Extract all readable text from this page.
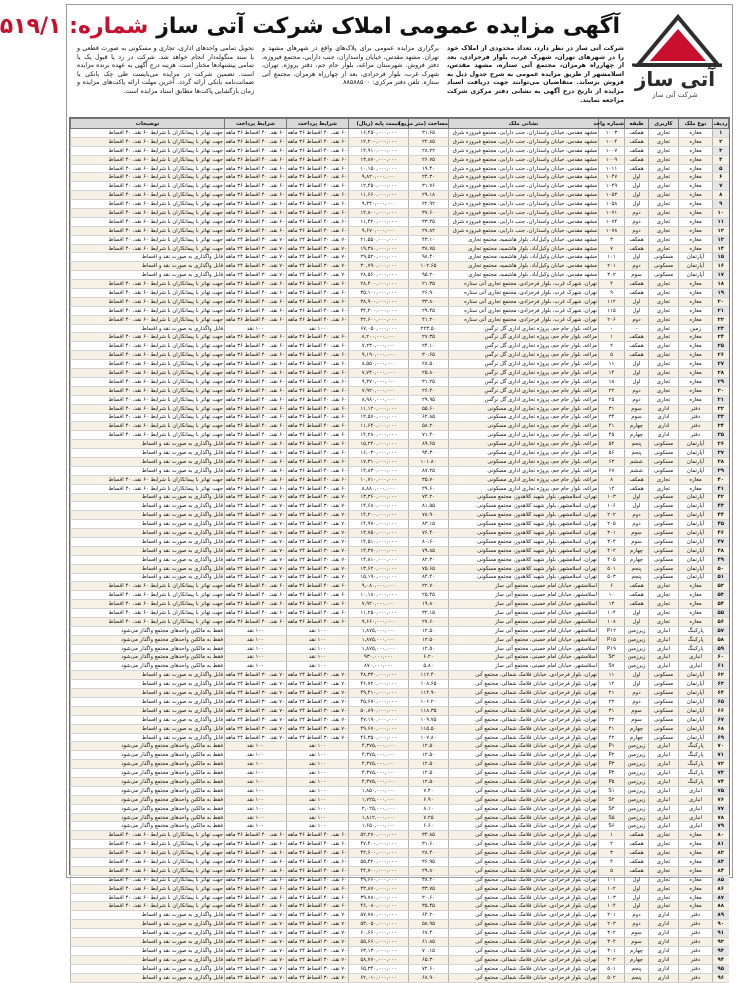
آتی ساز
شرکت آتی ساز
آگهی مزایده عمومی املاک شرکت آتی ساز
شماره: ۵۱۹/۱
شرکت آتی ساز در نظر دارد، تعداد محدودی از املاک خود را در شهرهای تهران، شهرک غرب، بلوار فرحزادی، بعد از چهارراه هرمزان، مجتمع آتی ستاره، مشهد مقدس، اسلامشهر از طریق مزایده عمومی به شرح جدول ذیل به فروش برساند. متقاضیان می‌توانند جهت دریافت اسناد مزایده از تاریخ درج آگهی به نشانی دفتر مرکزی شرکت مراجعه نمایند.
برگزاری مزایده عمومی برای پلاک‌های واقع در شهرهای مشهد و تهران. مشهد مقدس، خیابان واسداران، جنب دارایی، مجتمع فیروزه، دفتر فروش. شهرستان مراغه، بلوار جام جم، دفتر پروژه. تهران، شهرک غرب، بلوار فرحزادی، بعد از چهارراه هرمزان، مجتمع آتی ستاره. تلفن دفتر مرکزی: ۸۸۵۸۸۵۰۰
تحویل تمامی واحدهای اداری، تجاری و مسکونی به صورت قطعی و با سند منگوله‌دار انجام خواهد شد. شرکت در رد یا قبول یک یا تمامی پیشنهادها مختار است. هزینه درج آگهی به عهده برنده مزایده است. تضمین شرکت در مزایده می‌بایست طی چک بانکی یا ضمانت‌نامه بانکی ارائه گردد. آخرین مهلت ارائه پاکت‌های مزایده و زمان بازگشایی پاکت‌ها مطابق اسناد مزایده است.
ردیف	نوع ملک	کاربری	طبقه	شماره واحد	نشانی ملک	مساحت (متر مربع)	قیمت پایه (ریال)	شرایط پرداخت	شرایط پرداخت	توضیحات
۱	مغازه	تجاری	همکف	۱۰۰۳	مشهد مقدس، خیابان واسداران، جنب دارایی، مجتمع فیروزه شرق	۳۱.۶۵	۱۶,۴۵۰,۰۰۰,۰۰۰	۶۰ نقد، ۴۰ اقساط ۳۶ ماهه	۶۰ نقد، ۴۰ اقساط ۳۶ ماهه	جهت تهاتر با پیمانکاران با شرایط ۶۰ نقد، ۴۰ اقساط
۲	مغازه	تجاری	همکف	۱۰۰۴	مشهد مقدس، خیابان واسداران، جنب دارایی، مجتمع فیروزه شرق	۲۲.۸۵	۱۲,۲۰۰,۰۰۰,۰۰۰	۶۰ نقد، ۴۰ اقساط ۳۶ ماهه	۶۰ نقد، ۴۰ اقساط ۳۶ ماهه	جهت تهاتر با پیمانکاران با شرایط ۶۰ نقد، ۴۰ اقساط
۳	مغازه	تجاری	همکف	۱۰۰۷	مشهد مقدس، خیابان واسداران، جنب دارایی، مجتمع فیروزه شرق	۲۸.۲۲	۱۴,۹۱۰,۰۰۰,۰۰۰	۶۰ نقد، ۴۰ اقساط ۳۶ ماهه	۶۰ نقد، ۴۰ اقساط ۳۶ ماهه	جهت تهاتر با پیمانکاران با شرایط ۶۰ نقد، ۴۰ اقساط
۴	مغازه	تجاری	همکف	۱۰۰۹	مشهد مقدس، خیابان واسداران، جنب دارایی، مجتمع فیروزه شرق	۲۶.۷۵	۱۳,۸۷۰,۰۰۰,۰۰۰	۶۰ نقد، ۴۰ اقساط ۳۶ ماهه	۶۰ نقد، ۴۰ اقساط ۳۶ ماهه	جهت تهاتر با پیمانکاران با شرایط ۶۰ نقد، ۴۰ اقساط
۵	مغازه	تجاری	همکف	۱۰۱۱	مشهد مقدس، خیابان واسداران، جنب دارایی، مجتمع فیروزه شرق	۱۹.۴۰	۱۰,۱۵۰,۰۰۰,۰۰۰	۶۰ نقد، ۴۰ اقساط ۳۶ ماهه	۶۰ نقد، ۴۰ اقساط ۳۶ ماهه	جهت تهاتر با پیمانکاران با شرایط ۶۰ نقد، ۴۰ اقساط
۶	مغازه	تجاری	اول	۱۰۴۷	مشهد مقدس، خیابان واسداران، جنب دارایی، مجتمع فیروزه شرق	۲۴.۳۰	۹,۸۲۰,۰۰۰,۰۰۰	۶۰ نقد، ۴۰ اقساط ۳۶ ماهه	۶۰ نقد، ۴۰ اقساط ۳۶ ماهه	جهت تهاتر با پیمانکاران با شرایط ۶۰ نقد، ۴۰ اقساط
۷	مغازه	تجاری	اول	۱۰۴۹	مشهد مقدس، خیابان واسداران، جنب دارایی، مجتمع فیروزه شرق	۳۱.۷۶	۱۲,۴۵۰,۰۰۰,۰۰۰	۶۰ نقد، ۴۰ اقساط ۳۶ ماهه	۶۰ نقد، ۴۰ اقساط ۳۶ ماهه	جهت تهاتر با پیمانکاران با شرایط ۶۰ نقد، ۴۰ اقساط
۸	مغازه	تجاری	اول	۱۰۵۳	مشهد مقدس، خیابان واسداران، جنب دارایی، مجتمع فیروزه شرق	۲۹.۱۸	۱۱,۶۶۰,۰۰۰,۰۰۰	۶۰ نقد، ۴۰ اقساط ۳۶ ماهه	۶۰ نقد، ۴۰ اقساط ۳۶ ماهه	جهت تهاتر با پیمانکاران با شرایط ۶۰ نقد، ۴۰ اقساط
۹	مغازه	تجاری	اول	۱۰۵۸	مشهد مقدس، خیابان واسداران، جنب دارایی، مجتمع فیروزه شرق	۲۲.۹۲	۹,۳۴۰,۰۰۰,۰۰۰	۶۰ نقد، ۴۰ اقساط ۳۶ ماهه	۶۰ نقد، ۴۰ اقساط ۳۶ ماهه	جهت تهاتر با پیمانکاران با شرایط ۶۰ نقد، ۴۰ اقساط
۱۰	مغازه	تجاری	دوم	۱۰۷۱	مشهد مقدس، خیابان واسداران، جنب دارایی، مجتمع فیروزه شرق	۳۷.۶۰	۱۲,۸۰۰,۰۰۰,۰۰۰	۶۰ نقد، ۴۰ اقساط ۳۶ ماهه	۶۰ نقد، ۴۰ اقساط ۳۶ ماهه	جهت تهاتر با پیمانکاران با شرایط ۶۰ نقد، ۴۰ اقساط
۱۱	مغازه	تجاری	دوم	۱۰۷۴	مشهد مقدس، خیابان واسداران، جنب دارایی، مجتمع فیروزه شرق	۳۳.۴۵	۱۱,۴۲۰,۰۰۰,۰۰۰	۶۰ نقد، ۴۰ اقساط ۳۶ ماهه	۶۰ نقد، ۴۰ اقساط ۳۶ ماهه	جهت تهاتر با پیمانکاران با شرایط ۶۰ نقد، ۴۰ اقساط
۱۲	مغازه	تجاری	دوم	۱۰۷۸	مشهد مقدس، خیابان واسداران، جنب دارایی، مجتمع فیروزه شرق	۲۷.۸۲	۹,۶۷۰,۰۰۰,۰۰۰	۶۰ نقد، ۴۰ اقساط ۳۶ ماهه	۶۰ نقد، ۴۰ اقساط ۳۶ ماهه	جهت تهاتر با پیمانکاران با شرایط ۶۰ نقد، ۴۰ اقساط
۱۳	مغازه	تجاری	همکف	۳	مشهد مقدس، خیابان وکیل‌آباد، بلوار هاشمیه، مجتمع تجاری	۴۳.۱۰	۲۱,۵۵۰,۰۰۰,۰۰۰	۷۰ نقد، ۳۰ اقساط ۲۴ ماهه	۷۰ نقد، ۳۰ اقساط ۲۴ ماهه	جهت تهاتر با پیمانکاران با شرایط ۶۰ نقد، ۴۰ اقساط
۱۴	مغازه	تجاری	همکف	۷	مشهد مقدس، خیابان وکیل‌آباد، بلوار هاشمیه، مجتمع تجاری	۳۸.۷۵	۱۹,۳۸۰,۰۰۰,۰۰۰	۷۰ نقد، ۳۰ اقساط ۲۴ ماهه	۷۰ نقد، ۳۰ اقساط ۲۴ ماهه	جهت تهاتر با پیمانکاران با شرایط ۶۰ نقد، ۴۰ اقساط
۱۵	آپارتمان	مسکونی	اول	۱۰۱	مشهد مقدس، خیابان وکیل‌آباد، بلوار هاشمیه، مجتمع تجاری	۹۸.۴۰	۲۹,۵۲۰,۰۰۰,۰۰۰	۷۰ نقد، ۳۰ اقساط ۲۴ ماهه	۷۰ نقد، ۳۰ اقساط ۲۴ ماهه	قابل واگذاری به صورت نقد و اقساط
۱۶	آپارتمان	مسکونی	دوم	۲۰۱	مشهد مقدس، خیابان وکیل‌آباد، بلوار هاشمیه، مجتمع تجاری	۱۰۲.۶۵	۳۰,۷۹۰,۰۰۰,۰۰۰	۷۰ نقد، ۳۰ اقساط ۲۴ ماهه	۷۰ نقد، ۳۰ اقساط ۲۴ ماهه	قابل واگذاری به صورت نقد و اقساط
۱۷	آپارتمان	مسکونی	سوم	۳۰۲	مشهد مقدس، خیابان وکیل‌آباد، بلوار هاشمیه، مجتمع تجاری	۹۵.۲۰	۲۸,۵۶۰,۰۰۰,۰۰۰	۷۰ نقد، ۳۰ اقساط ۲۴ ماهه	۷۰ نقد، ۳۰ اقساط ۲۴ ماهه	قابل واگذاری به صورت نقد و اقساط
۱۸	مغازه	تجاری	همکف	۴	تهران، شهرک غرب، بلوار فرحزادی، مجتمع تجاری آتی ستاره	۲۱.۳۵	۲۸,۴۰۰,۰۰۰,۰۰۰	۶۰ نقد، ۴۰ اقساط ۳۶ ماهه	۶۰ نقد، ۴۰ اقساط ۳۶ ماهه	جهت تهاتر با پیمانکاران با شرایط ۶۰ نقد، ۴۰ اقساط
۱۹	مغازه	تجاری	همکف	۹	تهران، شهرک غرب، بلوار فرحزادی، مجتمع تجاری آتی ستاره	۲۶.۹۰	۳۵,۱۰۰,۰۰۰,۰۰۰	۶۰ نقد، ۴۰ اقساط ۳۶ ماهه	۶۰ نقد، ۴۰ اقساط ۳۶ ماهه	جهت تهاتر با پیمانکاران با شرایط ۶۰ نقد، ۴۰ اقساط
۲۰	مغازه	تجاری	اول	۱۱۲	تهران، شهرک غرب، بلوار فرحزادی، مجتمع تجاری آتی ستاره	۳۳.۸۰	۳۸,۹۰۰,۰۰۰,۰۰۰	۶۰ نقد، ۴۰ اقساط ۳۶ ماهه	۶۰ نقد، ۴۰ اقساط ۳۶ ماهه	جهت تهاتر با پیمانکاران با شرایط ۶۰ نقد، ۴۰ اقساط
۲۱	مغازه	تجاری	اول	۱۱۵	تهران، شهرک غرب، بلوار فرحزادی، مجتمع تجاری آتی ستاره	۲۹.۴۵	۳۴,۲۰۰,۰۰۰,۰۰۰	۶۰ نقد، ۴۰ اقساط ۳۶ ماهه	۶۰ نقد، ۴۰ اقساط ۳۶ ماهه	جهت تهاتر با پیمانکاران با شرایط ۶۰ نقد، ۴۰ اقساط
۲۲	مغازه	تجاری	دوم	۲۰۶	تهران، شهرک غرب، بلوار فرحزادی، مجتمع تجاری آتی ستاره	۴۱.۲۰	۴۲,۶۰۰,۰۰۰,۰۰۰	۶۰ نقد، ۴۰ اقساط ۳۶ ماهه	۶۰ نقد، ۴۰ اقساط ۳۶ ماهه	جهت تهاتر با پیمانکاران با شرایط ۶۰ نقد، ۴۰ اقساط
۲۳	زمین	تجاری	-	-	مراغه، بلوار جام جم، پروژه تجاری اداری گل نرگس	۲۲۳.۵۰	۶۷,۰۵۰,۰۰۰,۰۰۰	۱۰۰ نقد	۱۰۰ نقد	قابل واگذاری به صورت نقد و اقساط
۲۴	مغازه	تجاری	همکف	۱	مراغه، بلوار جام جم، پروژه تجاری اداری گل نرگس	۲۷.۳۵	۸,۲۰۰,۰۰۰,۰۰۰	۶۰ نقد، ۴۰ اقساط ۳۶ ماهه	۶۰ نقد، ۴۰ اقساط ۳۶ ماهه	جهت تهاتر با پیمانکاران با شرایط ۶۰ نقد، ۴۰ اقساط
۲۵	مغازه	تجاری	همکف	۲	مراغه، بلوار جام جم، پروژه تجاری اداری گل نرگس	۲۴.۱۰	۷,۲۳۰,۰۰۰,۰۰۰	۶۰ نقد، ۴۰ اقساط ۳۶ ماهه	۶۰ نقد، ۴۰ اقساط ۳۶ ماهه	جهت تهاتر با پیمانکاران با شرایط ۶۰ نقد، ۴۰ اقساط
۲۶	مغازه	تجاری	همکف	۵	مراغه، بلوار جام جم، پروژه تجاری اداری گل نرگس	۳۰.۶۵	۹,۱۹۰,۰۰۰,۰۰۰	۶۰ نقد، ۴۰ اقساط ۳۶ ماهه	۶۰ نقد، ۴۰ اقساط ۳۶ ماهه	جهت تهاتر با پیمانکاران با شرایط ۶۰ نقد، ۴۰ اقساط
۲۷	مغازه	تجاری	اول	۱۱	مراغه، بلوار جام جم، پروژه تجاری اداری گل نرگس	۲۸.۵۰	۸,۵۵۰,۰۰۰,۰۰۰	۶۰ نقد، ۴۰ اقساط ۳۶ ماهه	۶۰ نقد، ۴۰ اقساط ۳۶ ماهه	جهت تهاتر با پیمانکاران با شرایط ۶۰ نقد، ۴۰ اقساط
۲۸	مغازه	تجاری	اول	۱۴	مراغه، بلوار جام جم، پروژه تجاری اداری گل نرگس	۲۵.۸۰	۷,۷۴۰,۰۰۰,۰۰۰	۶۰ نقد، ۴۰ اقساط ۳۶ ماهه	۶۰ نقد، ۴۰ اقساط ۳۶ ماهه	جهت تهاتر با پیمانکاران با شرایط ۶۰ نقد، ۴۰ اقساط
۲۹	مغازه	تجاری	اول	۱۸	مراغه، بلوار جام جم، پروژه تجاری اداری گل نرگس	۳۱.۲۵	۹,۳۷۰,۰۰۰,۰۰۰	۶۰ نقد، ۴۰ اقساط ۳۶ ماهه	۶۰ نقد، ۴۰ اقساط ۳۶ ماهه	جهت تهاتر با پیمانکاران با شرایط ۶۰ نقد، ۴۰ اقساط
۳۰	مغازه	تجاری	دوم	۲۲	مراغه، بلوار جام جم، پروژه تجاری اداری گل نرگس	۲۶.۴۰	۷,۹۲۰,۰۰۰,۰۰۰	۶۰ نقد، ۴۰ اقساط ۳۶ ماهه	۶۰ نقد، ۴۰ اقساط ۳۶ ماهه	جهت تهاتر با پیمانکاران با شرایط ۶۰ نقد، ۴۰ اقساط
۳۱	مغازه	تجاری	دوم	۲۵	مراغه، بلوار جام جم، پروژه تجاری اداری گل نرگس	۲۹.۹۵	۸,۹۸۰,۰۰۰,۰۰۰	۶۰ نقد، ۴۰ اقساط ۳۶ ماهه	۶۰ نقد، ۴۰ اقساط ۳۶ ماهه	جهت تهاتر با پیمانکاران با شرایط ۶۰ نقد، ۴۰ اقساط
۳۲	دفتر	اداری	سوم	۳۱	مراغه، بلوار جام جم، پروژه تجاری اداری مسکونی	۵۵.۶۰	۱۱,۱۲۰,۰۰۰,۰۰۰	۶۰ نقد، ۴۰ اقساط ۳۶ ماهه	۶۰ نقد، ۴۰ اقساط ۳۶ ماهه	جهت تهاتر با پیمانکاران با شرایط ۶۰ نقد، ۴۰ اقساط
۳۳	دفتر	اداری	سوم	۳۴	مراغه، بلوار جام جم، پروژه تجاری اداری مسکونی	۶۲.۸۵	۱۲,۵۷۰,۰۰۰,۰۰۰	۶۰ نقد، ۴۰ اقساط ۳۶ ماهه	۶۰ نقد، ۴۰ اقساط ۳۶ ماهه	جهت تهاتر با پیمانکاران با شرایط ۶۰ نقد، ۴۰ اقساط
۳۴	دفتر	اداری	چهارم	۴۱	مراغه، بلوار جام جم، پروژه تجاری اداری مسکونی	۵۸.۲۰	۱۱,۶۴۰,۰۰۰,۰۰۰	۶۰ نقد، ۴۰ اقساط ۳۶ ماهه	۶۰ نقد، ۴۰ اقساط ۳۶ ماهه	جهت تهاتر با پیمانکاران با شرایط ۶۰ نقد، ۴۰ اقساط
۳۵	دفتر	اداری	چهارم	۴۵	مراغه، بلوار جام جم، پروژه تجاری اداری مسکونی	۷۱.۴۰	۱۴,۲۸۰,۰۰۰,۰۰۰	۶۰ نقد، ۴۰ اقساط ۳۶ ماهه	۶۰ نقد، ۴۰ اقساط ۳۶ ماهه	جهت تهاتر با پیمانکاران با شرایط ۶۰ نقد، ۴۰ اقساط
۳۶	آپارتمان	مسکونی	پنجم	۵۲	مراغه، بلوار جام جم، پروژه تجاری اداری مسکونی	۸۹.۶۵	۱۵,۲۴۰,۰۰۰,۰۰۰	۶۰ نقد، ۴۰ اقساط ۳۶ ماهه	۶۰ نقد، ۴۰ اقساط ۳۶ ماهه	قابل واگذاری به صورت نقد و اقساط
۳۷	آپارتمان	مسکونی	پنجم	۵۶	مراغه، بلوار جام جم، پروژه تجاری اداری مسکونی	۹۴.۳۰	۱۶,۰۳۰,۰۰۰,۰۰۰	۶۰ نقد، ۴۰ اقساط ۳۶ ماهه	۶۰ نقد، ۴۰ اقساط ۳۶ ماهه	قابل واگذاری به صورت نقد و اقساط
۳۸	آپارتمان	مسکونی	ششم	۶۳	مراغه، بلوار جام جم، پروژه تجاری اداری مسکونی	۱۰۱.۸۰	۱۷,۳۱۰,۰۰۰,۰۰۰	۶۰ نقد، ۴۰ اقساط ۳۶ ماهه	۶۰ نقد، ۴۰ اقساط ۳۶ ماهه	قابل واگذاری به صورت نقد و اقساط
۳۹	آپارتمان	مسکونی	ششم	۶۷	مراغه، بلوار جام جم، پروژه تجاری اداری مسکونی	۸۷.۲۵	۱۴,۸۳۰,۰۰۰,۰۰۰	۶۰ نقد، ۴۰ اقساط ۳۶ ماهه	۶۰ نقد، ۴۰ اقساط ۳۶ ماهه	قابل واگذاری به صورت نقد و اقساط
۴۰	مغازه	تجاری	همکف	۸	مراغه، بلوار جام جم، پروژه تجاری اداری مسکونی	۳۵.۷۰	۱۰,۷۱۰,۰۰۰,۰۰۰	۶۰ نقد، ۴۰ اقساط ۳۶ ماهه	۶۰ نقد، ۴۰ اقساط ۳۶ ماهه	جهت تهاتر با پیمانکاران با شرایط ۶۰ نقد، ۴۰ اقساط
۴۱	مغازه	تجاری	همکف	۱۲	مراغه، بلوار جام جم، پروژه تجاری اداری مسکونی	۲۹.۶۰	۸,۸۸۰,۰۰۰,۰۰۰	۶۰ نقد، ۴۰ اقساط ۳۶ ماهه	۶۰ نقد، ۴۰ اقساط ۳۶ ماهه	جهت تهاتر با پیمانکاران با شرایط ۶۰ نقد، ۴۰ اقساط
۴۲	آپارتمان	مسکونی	اول	۱۰۳	تهران، اسلامشهر، بلوار شهید کلاهدوز، مجتمع مسکونی	۷۴.۲۰	۱۳,۳۶۰,۰۰۰,۰۰۰	۷۰ نقد، ۳۰ اقساط ۲۴ ماهه	۷۰ نقد، ۳۰ اقساط ۲۴ ماهه	قابل واگذاری به صورت نقد و اقساط
۴۳	آپارتمان	مسکونی	اول	۱۰۶	تهران، اسلامشهر، بلوار شهید کلاهدوز، مجتمع مسکونی	۸۱.۵۵	۱۴,۶۸۰,۰۰۰,۰۰۰	۷۰ نقد، ۳۰ اقساط ۲۴ ماهه	۷۰ نقد، ۳۰ اقساط ۲۴ ماهه	قابل واگذاری به صورت نقد و اقساط
۴۴	آپارتمان	مسکونی	دوم	۲۰۲	تهران، اسلامشهر، بلوار شهید کلاهدوز، مجتمع مسکونی	۷۸.۹۰	۱۴,۲۰۰,۰۰۰,۰۰۰	۷۰ نقد، ۳۰ اقساط ۲۴ ماهه	۷۰ نقد، ۳۰ اقساط ۲۴ ماهه	قابل واگذاری به صورت نقد و اقساط
۴۵	آپارتمان	مسکونی	دوم	۲۰۵	تهران، اسلامشهر، بلوار شهید کلاهدوز، مجتمع مسکونی	۸۳.۱۵	۱۴,۹۷۰,۰۰۰,۰۰۰	۷۰ نقد، ۳۰ اقساط ۲۴ ماهه	۷۰ نقد، ۳۰ اقساط ۲۴ ماهه	قابل واگذاری به صورت نقد و اقساط
۴۶	آپارتمان	مسکونی	سوم	۳۰۱	تهران، اسلامشهر، بلوار شهید کلاهدوز، مجتمع مسکونی	۷۶.۴۰	۱۳,۷۵۰,۰۰۰,۰۰۰	۷۰ نقد، ۳۰ اقساط ۲۴ ماهه	۷۰ نقد، ۳۰ اقساط ۲۴ ماهه	قابل واگذاری به صورت نقد و اقساط
۴۷	آپارتمان	مسکونی	سوم	۳۰۴	تهران، اسلامشهر، بلوار شهید کلاهدوز، مجتمع مسکونی	۸۰.۶۰	۱۴,۵۱۰,۰۰۰,۰۰۰	۷۰ نقد، ۳۰ اقساط ۲۴ ماهه	۷۰ نقد، ۳۰ اقساط ۲۴ ماهه	قابل واگذاری به صورت نقد و اقساط
۴۸	آپارتمان	مسکونی	چهارم	۴۰۲	تهران، اسلامشهر، بلوار شهید کلاهدوز، مجتمع مسکونی	۷۹.۸۵	۱۴,۳۷۰,۰۰۰,۰۰۰	۷۰ نقد، ۳۰ اقساط ۲۴ ماهه	۷۰ نقد، ۳۰ اقساط ۲۴ ماهه	قابل واگذاری به صورت نقد و اقساط
۴۹	آپارتمان	مسکونی	چهارم	۴۰۵	تهران، اسلامشهر، بلوار شهید کلاهدوز، مجتمع مسکونی	۸۲.۳۰	۱۴,۸۱۰,۰۰۰,۰۰۰	۷۰ نقد، ۳۰ اقساط ۲۴ ماهه	۷۰ نقد، ۳۰ اقساط ۲۴ ماهه	قابل واگذاری به صورت نقد و اقساط
۵۰	آپارتمان	مسکونی	پنجم	۵۰۱	تهران، اسلامشهر، بلوار شهید کلاهدوز، مجتمع مسکونی	۷۵.۶۵	۱۳,۶۲۰,۰۰۰,۰۰۰	۷۰ نقد، ۳۰ اقساط ۲۴ ماهه	۷۰ نقد، ۳۰ اقساط ۲۴ ماهه	قابل واگذاری به صورت نقد و اقساط
۵۱	آپارتمان	مسکونی	پنجم	۵۰۳	تهران، اسلامشهر، بلوار شهید کلاهدوز، مجتمع مسکونی	۸۴.۴۰	۱۵,۱۹۰,۰۰۰,۰۰۰	۷۰ نقد، ۳۰ اقساط ۲۴ ماهه	۷۰ نقد، ۳۰ اقساط ۲۴ ماهه	قابل واگذاری به صورت نقد و اقساط
۵۲	مغازه	تجاری	همکف	۶	اسلامشهر، خیابان امام خمینی، مجتمع آتی ساز	۲۲.۷۰	۹,۰۸۰,۰۰۰,۰۰۰	۶۰ نقد، ۴۰ اقساط ۳۶ ماهه	۶۰ نقد، ۴۰ اقساط ۳۶ ماهه	جهت تهاتر با پیمانکاران با شرایط ۶۰ نقد، ۴۰ اقساط
۵۳	مغازه	تجاری	همکف	۱۰	اسلامشهر، خیابان امام خمینی، مجتمع آتی ساز	۲۵.۴۵	۱۰,۱۸۰,۰۰۰,۰۰۰	۶۰ نقد، ۴۰ اقساط ۳۶ ماهه	۶۰ نقد، ۴۰ اقساط ۳۶ ماهه	جهت تهاتر با پیمانکاران با شرایط ۶۰ نقد، ۴۰ اقساط
۵۴	مغازه	تجاری	همکف	۱۳	اسلامشهر، خیابان امام خمینی، مجتمع آتی ساز	۱۹.۸۰	۷,۹۲۰,۰۰۰,۰۰۰	۶۰ نقد، ۴۰ اقساط ۳۶ ماهه	۶۰ نقد، ۴۰ اقساط ۳۶ ماهه	جهت تهاتر با پیمانکاران با شرایط ۶۰ نقد، ۴۰ اقساط
۵۵	مغازه	تجاری	اول	۱۰۴	اسلامشهر، خیابان امام خمینی، مجتمع آتی ساز	۳۲.۱۵	۱۱,۲۵۰,۰۰۰,۰۰۰	۶۰ نقد، ۴۰ اقساط ۳۶ ماهه	۶۰ نقد، ۴۰ اقساط ۳۶ ماهه	جهت تهاتر با پیمانکاران با شرایط ۶۰ نقد، ۴۰ اقساط
۵۶	مغازه	تجاری	اول	۱۰۸	اسلامشهر، خیابان امام خمینی، مجتمع آتی ساز	۲۷.۶۰	۹,۶۶۰,۰۰۰,۰۰۰	۶۰ نقد، ۴۰ اقساط ۳۶ ماهه	۶۰ نقد، ۴۰ اقساط ۳۶ ماهه	جهت تهاتر با پیمانکاران با شرایط ۶۰ نقد، ۴۰ اقساط
۵۷	پارکینگ	انباری	زیرزمین	P۱۲	اسلامشهر، خیابان امام خمینی، مجتمع آتی ساز	۱۲.۵۰	۱,۸۷۵,۰۰۰,۰۰۰	۱۰۰ نقد	۱۰۰ نقد	فقط به مالکین واحدهای مجتمع واگذار می‌شود
۵۸	پارکینگ	انباری	زیرزمین	P۱۵	اسلامشهر، خیابان امام خمینی، مجتمع آتی ساز	۱۲.۵۰	۱,۸۷۵,۰۰۰,۰۰۰	۱۰۰ نقد	۱۰۰ نقد	فقط به مالکین واحدهای مجتمع واگذار می‌شود
۵۹	پارکینگ	انباری	زیرزمین	P۱۹	اسلامشهر، خیابان امام خمینی، مجتمع آتی ساز	۱۲.۵۰	۱,۸۷۵,۰۰۰,۰۰۰	۱۰۰ نقد	۱۰۰ نقد	فقط به مالکین واحدهای مجتمع واگذار می‌شود
۶۰	انباری	انباری	زیرزمین	S۳	اسلامشهر، خیابان امام خمینی، مجتمع آتی ساز	۶.۲۰	۹۳۰,۰۰۰,۰۰۰	۱۰۰ نقد	۱۰۰ نقد	فقط به مالکین واحدهای مجتمع واگذار می‌شود
۶۱	انباری	انباری	زیرزمین	S۷	اسلامشهر، خیابان امام خمینی، مجتمع آتی ساز	۵.۸۰	۸۷۰,۰۰۰,۰۰۰	۱۰۰ نقد	۱۰۰ نقد	فقط به مالکین واحدهای مجتمع واگذار می‌شود
۶۲	آپارتمان	مسکونی	اول	۱۱	تهران، بلوار فرحزادی، خیابان فلامک شمالی، مجتمع آتی	۱۱۲.۴۰	۴۸,۳۳۰,۰۰۰,۰۰۰	۷۰ نقد، ۳۰ اقساط ۲۴ ماهه	۷۰ نقد، ۳۰ اقساط ۲۴ ماهه	قابل واگذاری به صورت نقد و اقساط
۶۳	آپارتمان	مسکونی	اول	۱۲	تهران، بلوار فرحزادی، خیابان فلامک شمالی، مجتمع آتی	۱۰۸.۶۵	۴۶,۷۲۰,۰۰۰,۰۰۰	۷۰ نقد، ۳۰ اقساط ۲۴ ماهه	۷۰ نقد، ۳۰ اقساط ۲۴ ماهه	قابل واگذاری به صورت نقد و اقساط
۶۴	آپارتمان	مسکونی	دوم	۲۱	تهران، بلوار فرحزادی، خیابان فلامک شمالی، مجتمع آتی	۱۱۴.۹۰	۴۹,۴۱۰,۰۰۰,۰۰۰	۷۰ نقد، ۳۰ اقساط ۲۴ ماهه	۷۰ نقد، ۳۰ اقساط ۲۴ ماهه	قابل واگذاری به صورت نقد و اقساط
۶۵	آپارتمان	مسکونی	دوم	۲۲	تهران، بلوار فرحزادی، خیابان فلامک شمالی، مجتمع آتی	۱۰۶.۲۰	۴۵,۶۷۰,۰۰۰,۰۰۰	۷۰ نقد، ۳۰ اقساط ۲۴ ماهه	۷۰ نقد، ۳۰ اقساط ۲۴ ماهه	قابل واگذاری به صورت نقد و اقساط
۶۶	آپارتمان	مسکونی	سوم	۳۱	تهران، بلوار فرحزادی، خیابان فلامک شمالی، مجتمع آتی	۱۱۸.۳۵	۵۰,۸۹۰,۰۰۰,۰۰۰	۷۰ نقد، ۳۰ اقساط ۲۴ ماهه	۷۰ نقد، ۳۰ اقساط ۲۴ ماهه	قابل واگذاری به صورت نقد و اقساط
۶۷	آپارتمان	مسکونی	سوم	۳۲	تهران، بلوار فرحزادی، خیابان فلامک شمالی، مجتمع آتی	۱۰۹.۷۵	۴۷,۱۹۰,۰۰۰,۰۰۰	۷۰ نقد، ۳۰ اقساط ۲۴ ماهه	۷۰ نقد، ۳۰ اقساط ۲۴ ماهه	قابل واگذاری به صورت نقد و اقساط
۶۸	آپارتمان	مسکونی	چهارم	۴۱	تهران، بلوار فرحزادی، خیابان فلامک شمالی، مجتمع آتی	۱۱۵.۵۰	۴۹,۶۷۰,۰۰۰,۰۰۰	۷۰ نقد، ۳۰ اقساط ۲۴ ماهه	۷۰ نقد، ۳۰ اقساط ۲۴ ماهه	قابل واگذاری به صورت نقد و اقساط
۶۹	آپارتمان	مسکونی	چهارم	۴۲	تهران، بلوار فرحزادی، خیابان فلامک شمالی، مجتمع آتی	۱۰۷.۸۰	۴۶,۳۵۰,۰۰۰,۰۰۰	۷۰ نقد، ۳۰ اقساط ۲۴ ماهه	۷۰ نقد، ۳۰ اقساط ۲۴ ماهه	قابل واگذاری به صورت نقد و اقساط
۷۰	پارکینگ	انباری	زیرزمین	P۱	تهران، بلوار فرحزادی، خیابان فلامک شمالی، مجتمع آتی	۱۲.۵۰	۴,۳۷۵,۰۰۰,۰۰۰	۱۰۰ نقد	۱۰۰ نقد	فقط به مالکین واحدهای مجتمع واگذار می‌شود
۷۱	پارکینگ	انباری	زیرزمین	P۲	تهران، بلوار فرحزادی، خیابان فلامک شمالی، مجتمع آتی	۱۲.۵۰	۴,۳۷۵,۰۰۰,۰۰۰	۱۰۰ نقد	۱۰۰ نقد	فقط به مالکین واحدهای مجتمع واگذار می‌شود
۷۲	پارکینگ	انباری	زیرزمین	P۳	تهران، بلوار فرحزادی، خیابان فلامک شمالی، مجتمع آتی	۱۲.۵۰	۴,۳۷۵,۰۰۰,۰۰۰	۱۰۰ نقد	۱۰۰ نقد	فقط به مالکین واحدهای مجتمع واگذار می‌شود
۷۳	پارکینگ	انباری	زیرزمین	P۴	تهران، بلوار فرحزادی، خیابان فلامک شمالی، مجتمع آتی	۱۲.۵۰	۴,۳۷۵,۰۰۰,۰۰۰	۱۰۰ نقد	۱۰۰ نقد	فقط به مالکین واحدهای مجتمع واگذار می‌شود
۷۴	پارکینگ	انباری	زیرزمین	P۵	تهران، بلوار فرحزادی، خیابان فلامک شمالی، مجتمع آتی	۱۲.۵۰	۴,۳۷۵,۰۰۰,۰۰۰	۱۰۰ نقد	۱۰۰ نقد	فقط به مالکین واحدهای مجتمع واگذار می‌شود
۷۵	انباری	انباری	زیرزمین	S۱	تهران، بلوار فرحزادی، خیابان فلامک شمالی، مجتمع آتی	۷.۴۰	۱,۸۵۰,۰۰۰,۰۰۰	۱۰۰ نقد	۱۰۰ نقد	فقط به مالکین واحدهای مجتمع واگذار می‌شود
۷۶	انباری	انباری	زیرزمین	S۲	تهران، بلوار فرحزادی، خیابان فلامک شمالی، مجتمع آتی	۶.۹۰	۱,۷۲۵,۰۰۰,۰۰۰	۱۰۰ نقد	۱۰۰ نقد	فقط به مالکین واحدهای مجتمع واگذار می‌شود
۷۷	انباری	انباری	زیرزمین	S۴	تهران، بلوار فرحزادی، خیابان فلامک شمالی، مجتمع آتی	۸.۱۰	۲,۰۲۵,۰۰۰,۰۰۰	۱۰۰ نقد	۱۰۰ نقد	فقط به مالکین واحدهای مجتمع واگذار می‌شود
۷۸	انباری	انباری	زیرزمین	S۵	تهران، بلوار فرحزادی، خیابان فلامک شمالی، مجتمع آتی	۷.۲۵	۱,۸۱۲,۰۰۰,۰۰۰	۱۰۰ نقد	۱۰۰ نقد	فقط به مالکین واحدهای مجتمع واگذار می‌شود
۷۹	انباری	انباری	زیرزمین	S۶	تهران، بلوار فرحزادی، خیابان فلامک شمالی، مجتمع آتی	۶.۶۰	۱,۶۵۰,۰۰۰,۰۰۰	۱۰۰ نقد	۱۰۰ نقد	فقط به مالکین واحدهای مجتمع واگذار می‌شود
۸۰	مغازه	تجاری	همکف	۱	تهران، بلوار فرحزادی، خیابان فلامک شمالی، مجتمع آتی	۳۴.۸۵	۵۲,۲۷۰,۰۰۰,۰۰۰	۶۰ نقد، ۴۰ اقساط ۳۶ ماهه	۶۰ نقد، ۴۰ اقساط ۳۶ ماهه	جهت تهاتر با پیمانکاران با شرایط ۶۰ نقد، ۴۰ اقساط
۸۱	مغازه	تجاری	همکف	۲	تهران، بلوار فرحزادی، خیابان فلامک شمالی، مجتمع آتی	۳۱.۶۰	۴۷,۴۰۰,۰۰۰,۰۰۰	۶۰ نقد، ۴۰ اقساط ۳۶ ماهه	۶۰ نقد، ۴۰ اقساط ۳۶ ماهه	جهت تهاتر با پیمانکاران با شرایط ۶۰ نقد، ۴۰ اقساط
۸۲	مغازه	تجاری	همکف	۳	تهران، بلوار فرحزادی، خیابان فلامک شمالی، مجتمع آتی	۲۸.۴۰	۴۲,۶۰۰,۰۰۰,۰۰۰	۶۰ نقد، ۴۰ اقساط ۳۶ ماهه	۶۰ نقد، ۴۰ اقساط ۳۶ ماهه	جهت تهاتر با پیمانکاران با شرایط ۶۰ نقد، ۴۰ اقساط
۸۳	مغازه	تجاری	همکف	۴	تهران، بلوار فرحزادی، خیابان فلامک شمالی، مجتمع آتی	۳۶.۹۵	۵۵,۴۲۰,۰۰۰,۰۰۰	۶۰ نقد، ۴۰ اقساط ۳۶ ماهه	۶۰ نقد، ۴۰ اقساط ۳۶ ماهه	جهت تهاتر با پیمانکاران با شرایط ۶۰ نقد، ۴۰ اقساط
۸۴	مغازه	تجاری	همکف	۵	تهران، بلوار فرحزادی، خیابان فلامک شمالی، مجتمع آتی	۲۹.۸۰	۴۴,۷۰۰,۰۰۰,۰۰۰	۶۰ نقد، ۴۰ اقساط ۳۶ ماهه	۶۰ نقد، ۴۰ اقساط ۳۶ ماهه	جهت تهاتر با پیمانکاران با شرایط ۶۰ نقد، ۴۰ اقساط
۸۵	مغازه	تجاری	اول	۱۰۱	تهران، بلوار فرحزادی، خیابان فلامک شمالی، مجتمع آتی	۳۸.۲۰	۴۹,۶۶۰,۰۰۰,۰۰۰	۶۰ نقد، ۴۰ اقساط ۳۶ ماهه	۶۰ نقد، ۴۰ اقساط ۳۶ ماهه	جهت تهاتر با پیمانکاران با شرایط ۶۰ نقد، ۴۰ اقساط
۸۶	مغازه	تجاری	اول	۱۰۲	تهران، بلوار فرحزادی، خیابان فلامک شمالی، مجتمع آتی	۳۳.۷۵	۴۳,۸۷۰,۰۰۰,۰۰۰	۶۰ نقد، ۴۰ اقساط ۳۶ ماهه	۶۰ نقد، ۴۰ اقساط ۳۶ ماهه	جهت تهاتر با پیمانکاران با شرایط ۶۰ نقد، ۴۰ اقساط
۸۷	مغازه	تجاری	اول	۱۰۳	تهران، بلوار فرحزادی، خیابان فلامک شمالی، مجتمع آتی	۳۰.۶۰	۳۹,۷۸۰,۰۰۰,۰۰۰	۶۰ نقد، ۴۰ اقساط ۳۶ ماهه	۶۰ نقد، ۴۰ اقساط ۳۶ ماهه	جهت تهاتر با پیمانکاران با شرایط ۶۰ نقد، ۴۰ اقساط
۸۸	مغازه	تجاری	اول	۱۰۴	تهران، بلوار فرحزادی، خیابان فلامک شمالی، مجتمع آتی	۳۵.۴۵	۴۶,۰۸۰,۰۰۰,۰۰۰	۶۰ نقد، ۴۰ اقساط ۳۶ ماهه	۶۰ نقد، ۴۰ اقساط ۳۶ ماهه	جهت تهاتر با پیمانکاران با شرایط ۶۰ نقد، ۴۰ اقساط
۸۹	دفتر	اداری	دوم	۲۰۱	تهران، بلوار فرحزادی، خیابان فلامک شمالی، مجتمع آتی	۶۴.۲۰	۵۷,۷۸۰,۰۰۰,۰۰۰	۷۰ نقد، ۳۰ اقساط ۲۴ ماهه	۷۰ نقد، ۳۰ اقساط ۲۴ ماهه	قابل واگذاری به صورت نقد و اقساط
۹۰	دفتر	اداری	دوم	۲۰۳	تهران، بلوار فرحزادی، خیابان فلامک شمالی، مجتمع آتی	۵۸.۹۵	۵۳,۰۵۰,۰۰۰,۰۰۰	۷۰ نقد، ۳۰ اقساط ۲۴ ماهه	۷۰ نقد، ۳۰ اقساط ۲۴ ماهه	قابل واگذاری به صورت نقد و اقساط
۹۱	دفتر	اداری	سوم	۳۰۲	تهران، بلوار فرحزادی، خیابان فلامک شمالی، مجتمع آتی	۶۷.۴۰	۶۰,۶۶۰,۰۰۰,۰۰۰	۷۰ نقد، ۳۰ اقساط ۲۴ ماهه	۷۰ نقد، ۳۰ اقساط ۲۴ ماهه	قابل واگذاری به صورت نقد و اقساط
۹۲	دفتر	اداری	سوم	۳۰۴	تهران، بلوار فرحزادی، خیابان فلامک شمالی، مجتمع آتی	۶۱.۸۵	۵۵,۶۶۰,۰۰۰,۰۰۰	۷۰ نقد، ۳۰ اقساط ۲۴ ماهه	۷۰ نقد، ۳۰ اقساط ۲۴ ماهه	قابل واگذاری به صورت نقد و اقساط
۹۳	دفتر	اداری	چهارم	۴۰۱	تهران، بلوار فرحزادی، خیابان فلامک شمالی، مجتمع آتی	۷۰.۱۵	۶۳,۱۳۰,۰۰۰,۰۰۰	۷۰ نقد، ۳۰ اقساط ۲۴ ماهه	۷۰ نقد، ۳۰ اقساط ۲۴ ماهه	قابل واگذاری به صورت نقد و اقساط
۹۴	دفتر	اداری	چهارم	۴۰۲	تهران، بلوار فرحزادی، خیابان فلامک شمالی، مجتمع آتی	۶۵.۳۰	۵۸,۷۷۰,۰۰۰,۰۰۰	۷۰ نقد، ۳۰ اقساط ۲۴ ماهه	۷۰ نقد، ۳۰ اقساط ۲۴ ماهه	قابل واگذاری به صورت نقد و اقساط
۹۵	دفتر	اداری	پنجم	۵۰۱	تهران، بلوار فرحزادی، خیابان فلامک شمالی، مجتمع آتی	۷۲.۶۰	۶۵,۳۴۰,۰۰۰,۰۰۰	۷۰ نقد، ۳۰ اقساط ۲۴ ماهه	۷۰ نقد، ۳۰ اقساط ۲۴ ماهه	قابل واگذاری به صورت نقد و اقساط
۹۶	دفتر	اداری	پنجم	۵۰۲	تهران، بلوار فرحزادی، خیابان فلامک شمالی، مجتمع آتی	۶۸.۹۰	۶۲,۰۱۰,۰۰۰,۰۰۰	۷۰ نقد، ۳۰ اقساط ۲۴ ماهه	۷۰ نقد، ۳۰ اقساط ۲۴ ماهه	قابل واگذاری به صورت نقد و اقساط
